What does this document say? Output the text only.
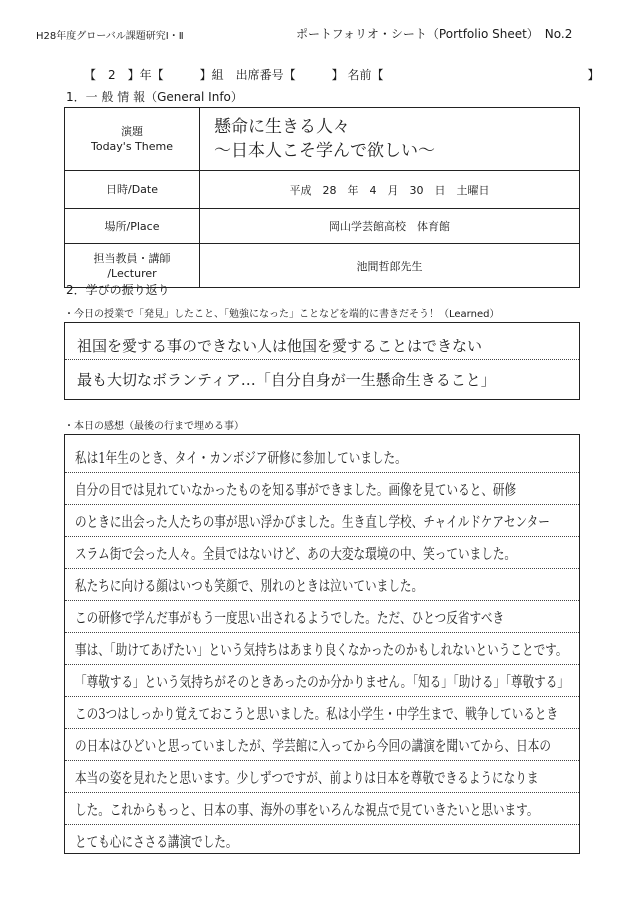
H28年度グローバル課題研究Ⅰ・Ⅱ	ポートフォリオ・シート（Portfolio Sheet）　No.2
【　2　】年【　　　】組　出席番号【　　　】 名前【　　　　　　　　　　　　　　　　　】
1．一 般 情 報（General Info）
演題
Today's Theme	懸命に生きる人々
〜日本人こそ学んで欲しい〜
日時/Date	平成　28　年　4　月　30　日　土曜日
場所/Place	岡山学芸館高校　体育館
担当教員・講師
/Lecturer	池間哲郎先生
2．学びの振り返り
・今日の授業で「発見」したこと、「勉強になった」ことなどを端的に書きだそう！（Learned）
祖国を愛する事のできない人は他国を愛することはできない
最も大切なボランティア…「自分自身が一生懸命生きること」
・本日の感想（最後の行まで埋める事）
私は1年生のとき、タイ・カンボジア研修に参加していました。
自分の目では見れていなかったものを知る事ができました。画像を見ていると、研修
のときに出会った人たちの事が思い浮かびました。生き直し学校、チャイルドケアセンター
スラム街で会った人々。全員ではないけど、あの大変な環境の中、笑っていました。
私たちに向ける顔はいつも笑顔で、別れのときは泣いていました。
この研修で学んだ事がもう一度思い出されるようでした。ただ、ひとつ反省すべき
事は、「助けてあげたい」という気持ちはあまり良くなかったのかもしれないということです。
「尊敬する」という気持ちがそのときあったのか分かりません。「知る」「助ける」「尊敬する」
この3つはしっかり覚えておこうと思いました。私は小学生・中学生まで、戦争しているとき
の日本はひどいと思っていましたが、学芸館に入ってから今回の講演を聞いてから、日本の
本当の姿を見れたと思います。少しずつですが、前よりは日本を尊敬できるようになりま
した。これからもっと、日本の事、海外の事をいろんな視点で見ていきたいと思います。
とても心にささる講演でした。
